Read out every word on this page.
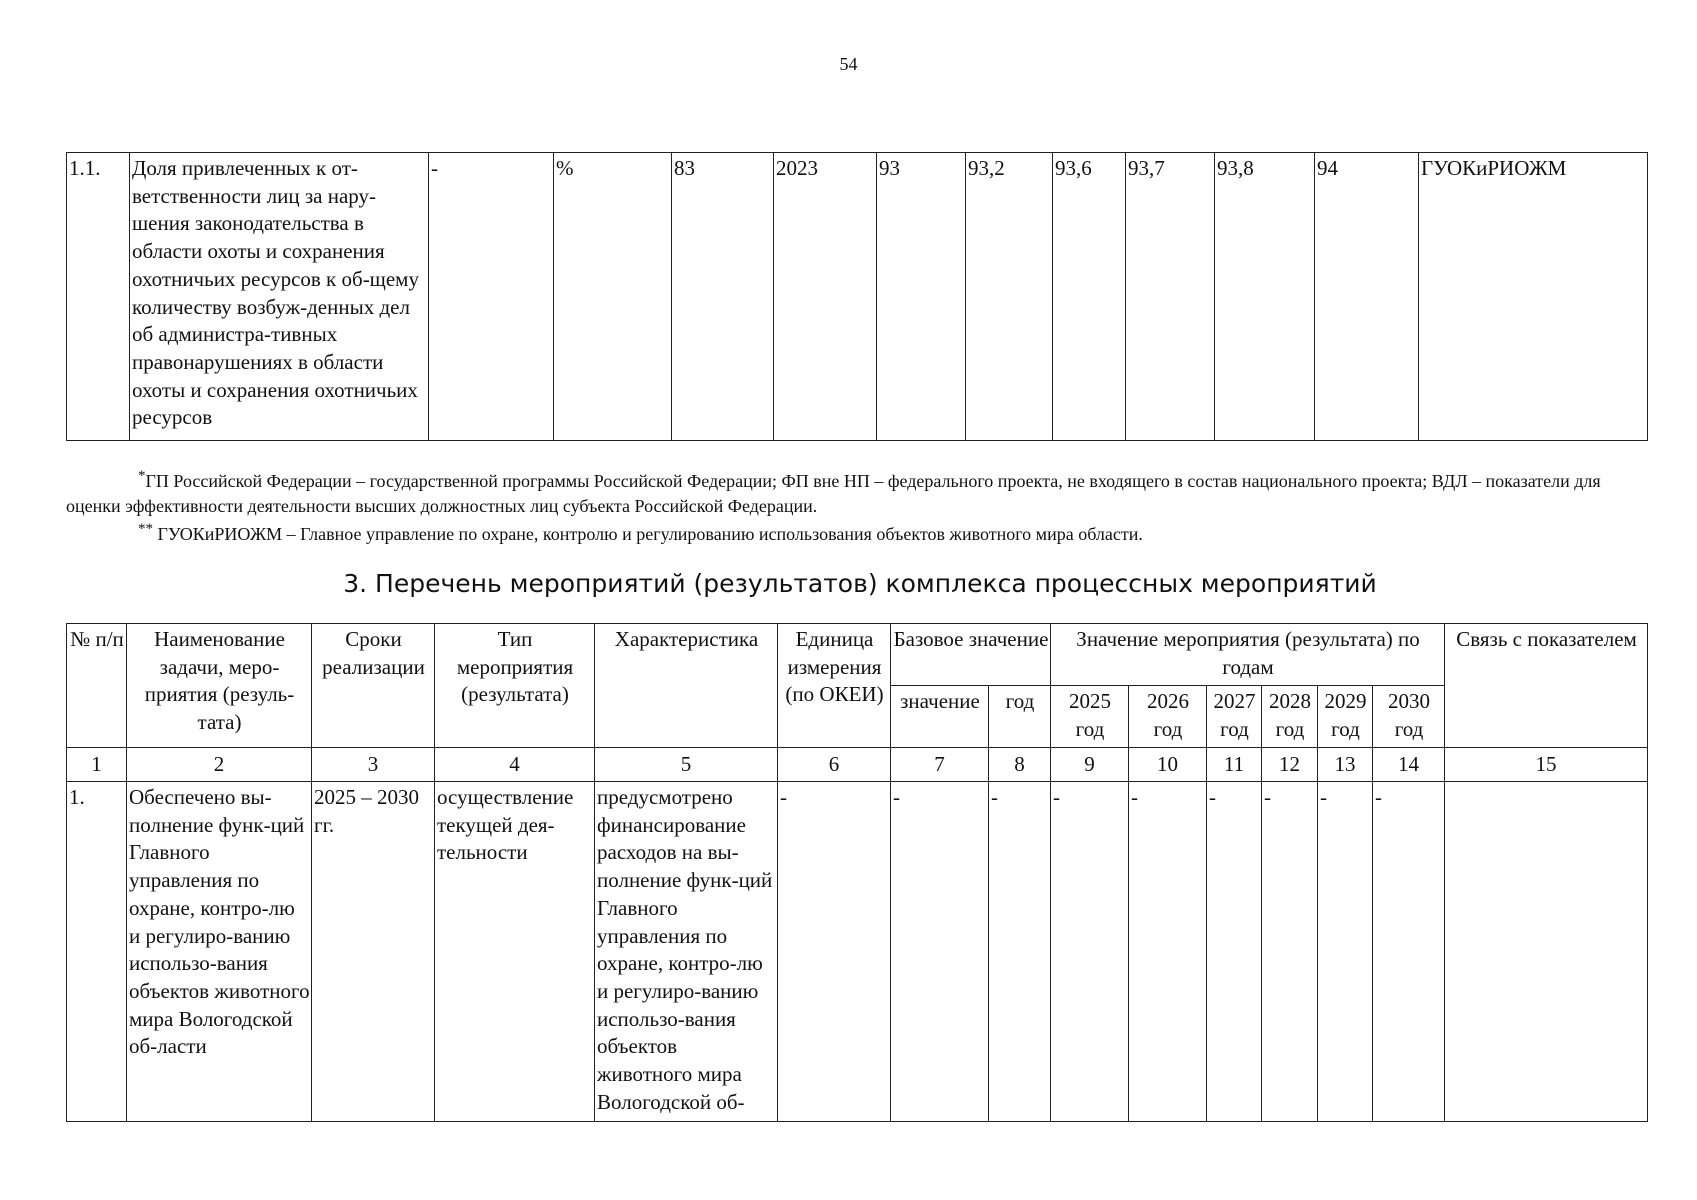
54
1.1.	Доля привлеченных к от-ветственности лиц за нару-шения законодательства в области охоты и сохранения охотничьих ресурсов к об-щему количеству возбуж-денных дел об администра-тивных правонарушениях в области охоты и сохранения охотничьих ресурсов	-	%	83	2023	93	93,2	93,6	93,7	93,8	94	ГУОКиРИОЖМ

*ГП Российской Федерации – государственной программы Российской Федерации; ФП вне НП – федерального проекта, не входящего в состав национального проекта; ВДЛ – показатели для оценки эффективности деятельности высших должностных лиц субъекта Российской Федерации.

** ГУОКиРИОЖМ – Главное управление по охране, контролю и регулированию использования объектов животного мира области.

3. Перечень мероприятий (результатов) комплекса процессных мероприятий
№ п/п	Наименование задачи, меро-приятия (резуль-тата)	Сроки реализации	Тип мероприятия (результата)	Характеристика	Единица измерения (по ОКЕИ)	Базовое значение		Значение мероприятия (результата) по годам						Связь с показателем
						значение	год	2025 год	2026 год	2027 год	2028 год	2029 год	2030 год	
1	2	3	4	5	6	7	8	9	10	11	12	13	14	15
1.	Обеспечено вы-полнение функ-ций Главного управления по охране, контро-лю и регулиро-ванию использо-вания объектов животного мира Вологодской об-ласти	2025 – 2030 гг.	осуществление текущей дея-тельности	предусмотрено финансирование расходов на вы-полнение функ-ций Главного управления по охране, контро-лю и регулиро-ванию использо-вания объектов животного мира Вологодской об-	-	-	-	-	-	-	-	-	-	
